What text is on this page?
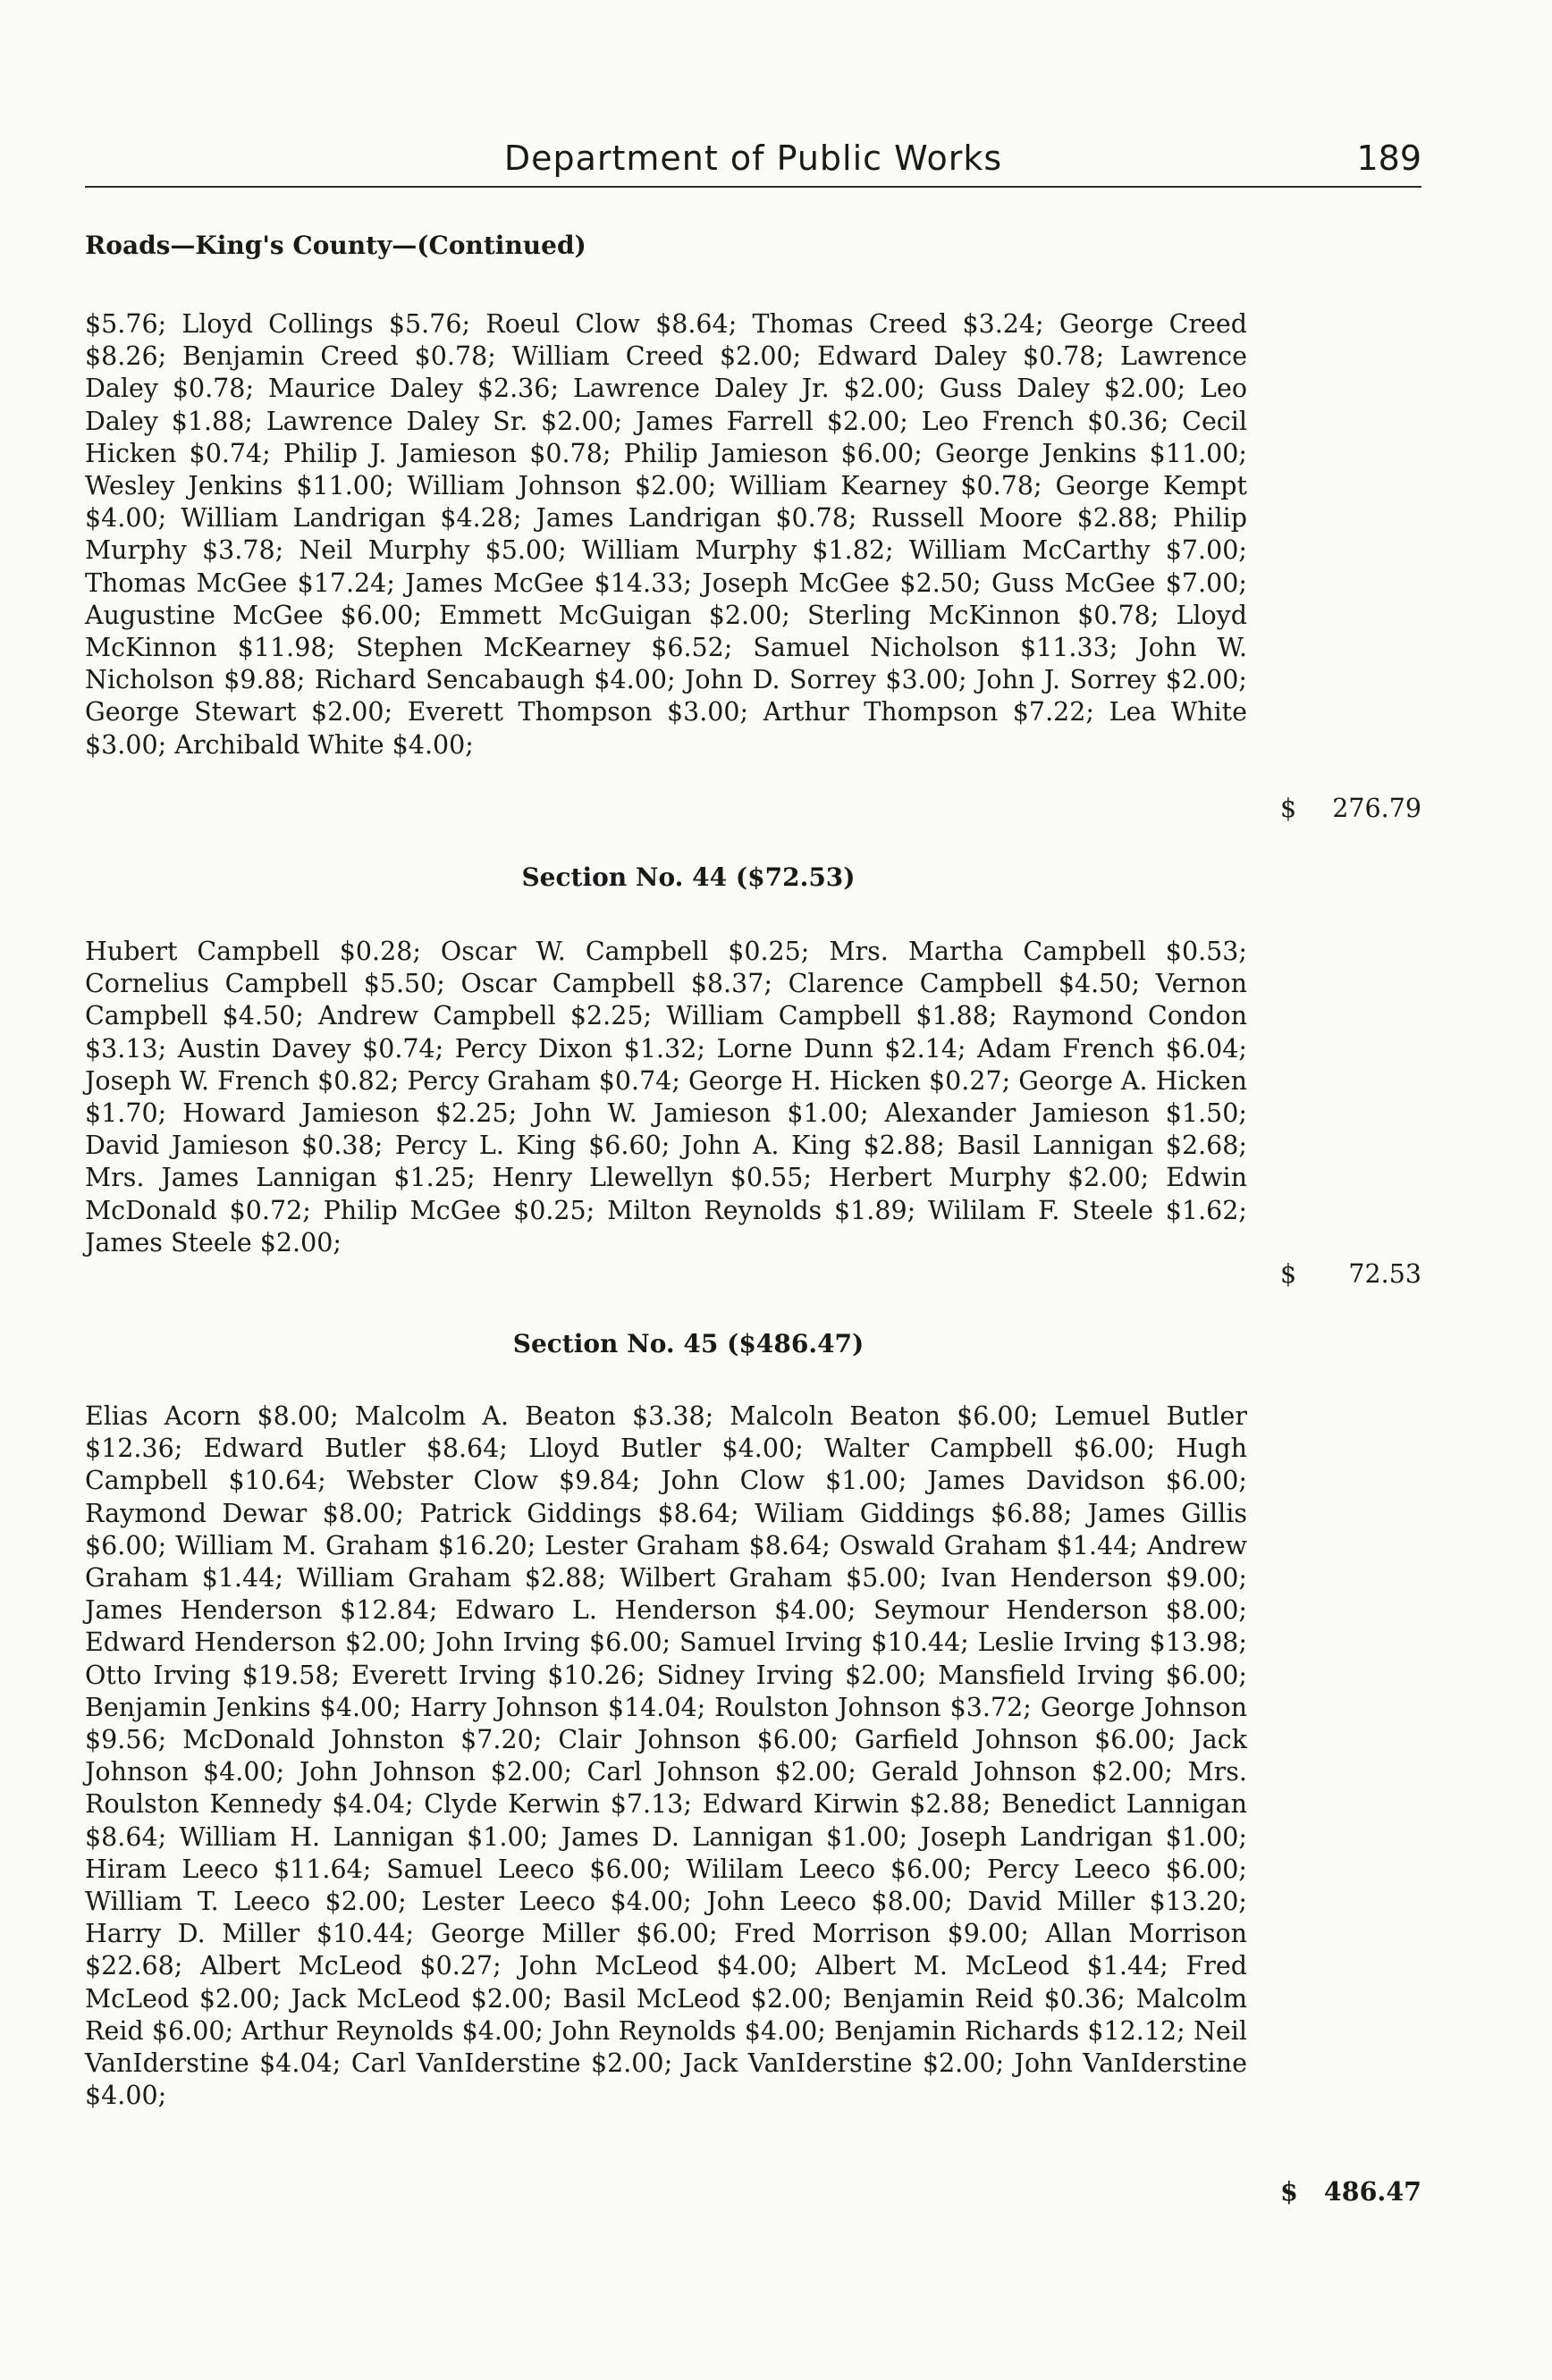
Department of Public Works	189
Roads—King's County—(Continued)

$5.76; Lloyd Collings $5.76; Roeul Clow $8.64; Thomas Creed $3.24; George Creed $8.26; Benjamin Creed $0.78; William Creed $2.00; Edward Daley $0.78; Lawrence Daley $0.78; Maurice Daley $2.36; Lawrence Daley Jr. $2.00; Guss Daley $2.00; Leo Daley $1.88; Lawrence Daley Sr. $2.00; James Farrell $2.00; Leo French $0.36; Cecil Hicken $0.74; Philip J. Jamieson $0.78; Philip Jamieson $6.00; George Jenkins $11.00; Wesley Jenkins $11.00; William Johnson $2.00; William Kearney $0.78; George Kempt $4.00; William Landrigan $4.28; James Landrigan $0.78; Russell Moore $2.88; Philip Murphy $3.78; Neil Murphy $5.00; William Murphy $1.82; William McCarthy $7.00; Thomas McGee $17.24; James McGee $14.33; Joseph McGee $2.50; Guss McGee $7.00; Augustine McGee $6.00; Emmett McGuigan $2.00; Sterling McKinnon $0.78; Lloyd McKinnon $11.98; Stephen McKearney $6.52; Samuel Nicholson $11.33; John W. Nicholson $9.88; Richard Sencabaugh $4.00; John D. Sorrey $3.00; John J. Sorrey $2.00; George Stewart $2.00; Everett Thompson $3.00; Arthur Thompson $7.22; Lea White $3.00; Archibald White $4.00;

$ 276.79
Section No. 44 ($72.53)

Hubert Campbell $0.28; Oscar W. Campbell $0.25; Mrs. Martha Campbell $0.53; Cornelius Campbell $5.50; Oscar Campbell $8.37; Clarence Campbell $4.50; Vernon Campbell $4.50; Andrew Campbell $2.25; William Campbell $1.88; Raymond Condon $3.13; Austin Davey $0.74; Percy Dixon $1.32; Lorne Dunn $2.14; Adam French $6.04; Joseph W. French $0.82; Percy Graham $0.74; George H. Hicken $0.27; George A. Hicken $1.70; Howard Jamieson $2.25; John W. Jamieson $1.00; Alexander Jamieson $1.50; David Jamieson $0.38; Percy L. King $6.60; John A. King $2.88; Basil Lannigan $2.68; Mrs. James Lannigan $1.25; Henry Llewellyn $0.55; Herbert Murphy $2.00; Edwin McDonald $0.72; Philip McGee $0.25; Milton Reynolds $1.89; Wililam F. Steele $1.62; James Steele $2.00;

$ 72.53
Section No. 45 ($486.47)

Elias Acorn $8.00; Malcolm A. Beaton $3.38; Malcoln Beaton $6.00; Lemuel Butler $12.36; Edward Butler $8.64; Lloyd Butler $4.00; Walter Campbell $6.00; Hugh Campbell $10.64; Webster Clow $9.84; John Clow $1.00; James Davidson $6.00; Raymond Dewar $8.00; Patrick Giddings $8.64; Wiliam Giddings $6.88; James Gillis $6.00; William M. Graham $16.20; Lester Graham $8.64; Oswald Graham $1.44; Andrew Graham $1.44; William Graham $2.88; Wilbert Graham $5.00; Ivan Henderson $9.00; James Henderson $12.84; Edwaro L. Henderson $4.00; Seymour Henderson $8.00; Edward Henderson $2.00; John Irving $6.00; Samuel Irving $10.44; Leslie Irving $13.98; Otto Irving $19.58; Everett Irving $10.26; Sidney Irving $2.00; Mansfield Irving $6.00; Benjamin Jenkins $4.00; Harry Johnson $14.04; Roulston Johnson $3.72; George Johnson $9.56; McDonald Johnston $7.20; Clair Johnson $6.00; Garfield Johnson $6.00; Jack Johnson $4.00; John Johnson $2.00; Carl Johnson $2.00; Gerald Johnson $2.00; Mrs. Roulston Kennedy $4.04; Clyde Kerwin $7.13; Edward Kirwin $2.88; Benedict Lannigan $8.64; William H. Lannigan $1.00; James D. Lannigan $1.00; Joseph Landrigan $1.00; Hiram Leeco $11.64; Samuel Leeco $6.00; Wililam Leeco $6.00; Percy Leeco $6.00; William T. Leeco $2.00; Lester Leeco $4.00; John Leeco $8.00; David Miller $13.20; Harry D. Miller $10.44; George Miller $6.00; Fred Morrison $9.00; Allan Morrison $22.68; Albert McLeod $0.27; John McLeod $4.00; Albert M. McLeod $1.44; Fred McLeod $2.00; Jack McLeod $2.00; Basil McLeod $2.00; Benjamin Reid $0.36; Malcolm Reid $6.00; Arthur Reynolds $4.00; John Reynolds $4.00; Benjamin Richards $12.12; Neil VanIderstine $4.04; Carl VanIderstine $2.00; Jack VanIderstine $2.00; John VanIderstine $4.00;

$ 486.47
